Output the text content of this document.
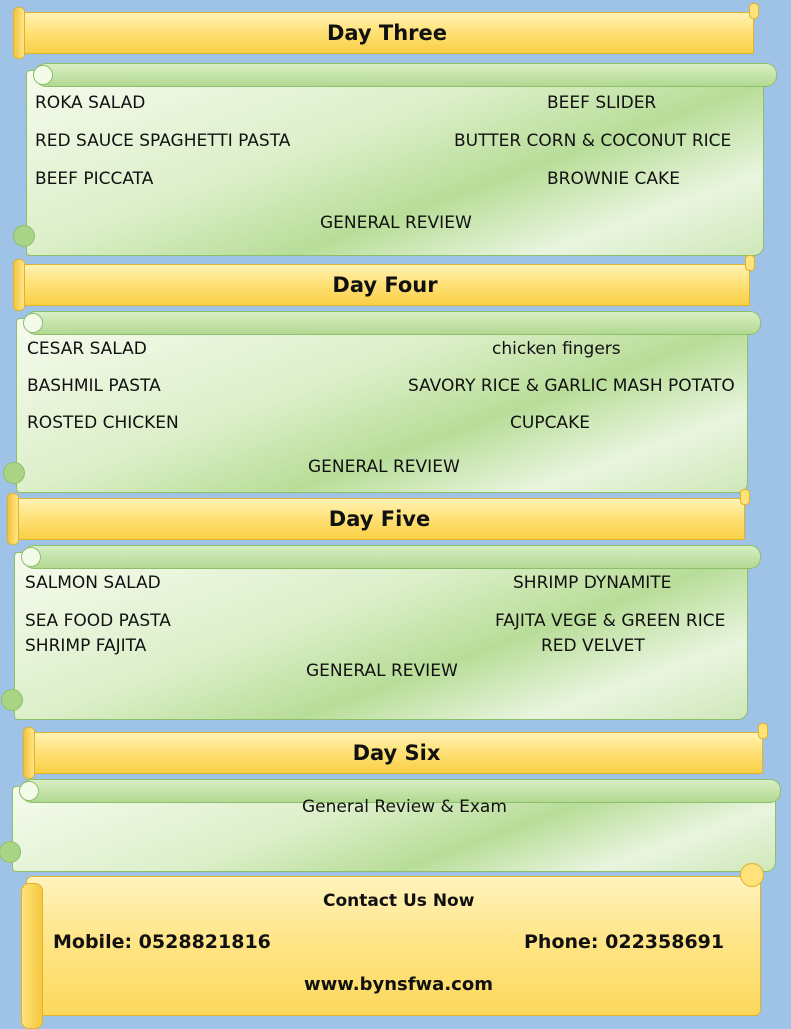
Day Three
ROKA SALAD	BEEF SLIDER
RED SAUCE SPAGHETTI PASTA	BUTTER CORN & COCONUT RICE
BEEF PICCATA	BROWNIE CAKE
GENERAL REVIEW
Day Four
CESAR SALAD	chicken fingers
BASHMIL PASTA	SAVORY RICE & GARLIC MASH POTATO
ROSTED CHICKEN	CUPCAKE
GENERAL REVIEW
Day Five
SALMON SALAD	SHRIMP DYNAMITE
SEA FOOD PASTA	FAJITA VEGE & GREEN RICE
SHRIMP FAJITA	RED VELVET
GENERAL REVIEW
Day Six
General Review & Exam
Contact Us Now
Mobile: 0528821816	Phone: 022358691
www.bynsfwa.com
